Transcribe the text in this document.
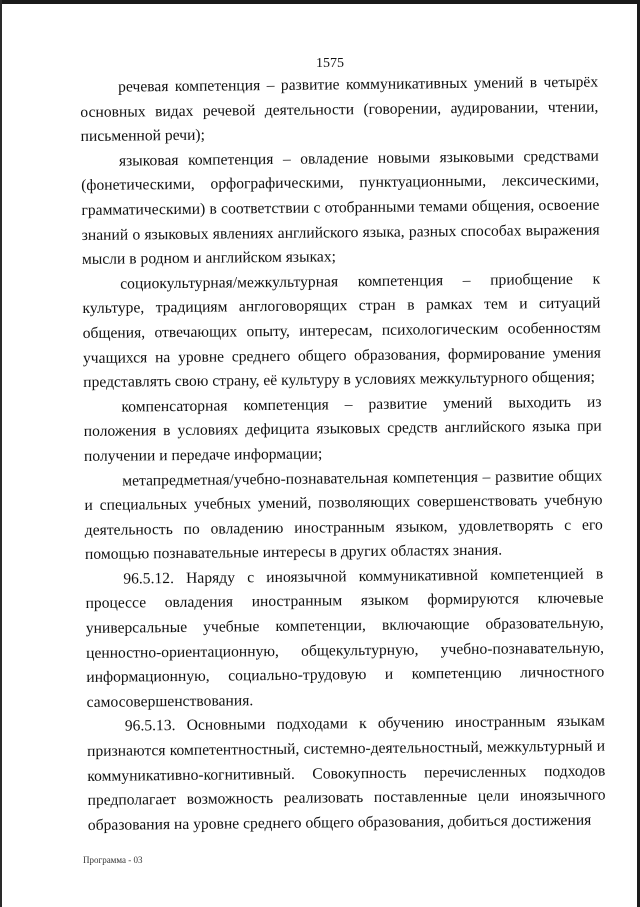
1575

речевая компетенция – развитие коммуникативных умений в четырёх основных видах речевой деятельности (говорении, аудировании, чтении, письменной речи);

языковая компетенция – овладение новыми языковыми средствами (фонетическими, орфографическими, пунктуационными, лексическими, грамматическими) в соответствии с отобранными темами общения, освоение знаний о языковых явлениях английского языка, разных способах выражения мысли в родном и английском языках;

социокультурная/межкультурная компетенция – приобщение к культуре, традициям англоговорящих стран в рамках тем и ситуаций общения, отвечающих опыту, интересам, психологическим особенностям учащихся на уровне среднего общего образования, формирование умения представлять свою страну, её культуру в условиях межкультурного общения;

компенсаторная компетенция – развитие умений выходить из положения в условиях дефицита языковых средств английского языка при получении и передаче информации;

метапредметная/учебно-познавательная компетенция – развитие общих и специальных учебных умений, позволяющих совершенствовать учебную деятельность по овладению иностранным языком, удовлетворять с его помощью познавательные интересы в других областях знания.

96.5.12. Наряду с иноязычной коммуникативной компетенцией в процессе овладения иностранным языком формируются ключевые универсальные учебные компетенции, включающие образовательную, ценностно-ориентационную, общекультурную, учебно-познавательную, информационную, социально-трудовую и компетенцию личностного самосовершенствования.

96.5.13. Основными подходами к обучению иностранным языкам признаются компетентностный, системно-деятельностный, межкультурный и коммуникативно-когнитивный. Совокупность перечисленных подходов предполагает возможность реализовать поставленные цели иноязычного образования на уровне среднего общего образования, добиться достижения

Программа - 03
